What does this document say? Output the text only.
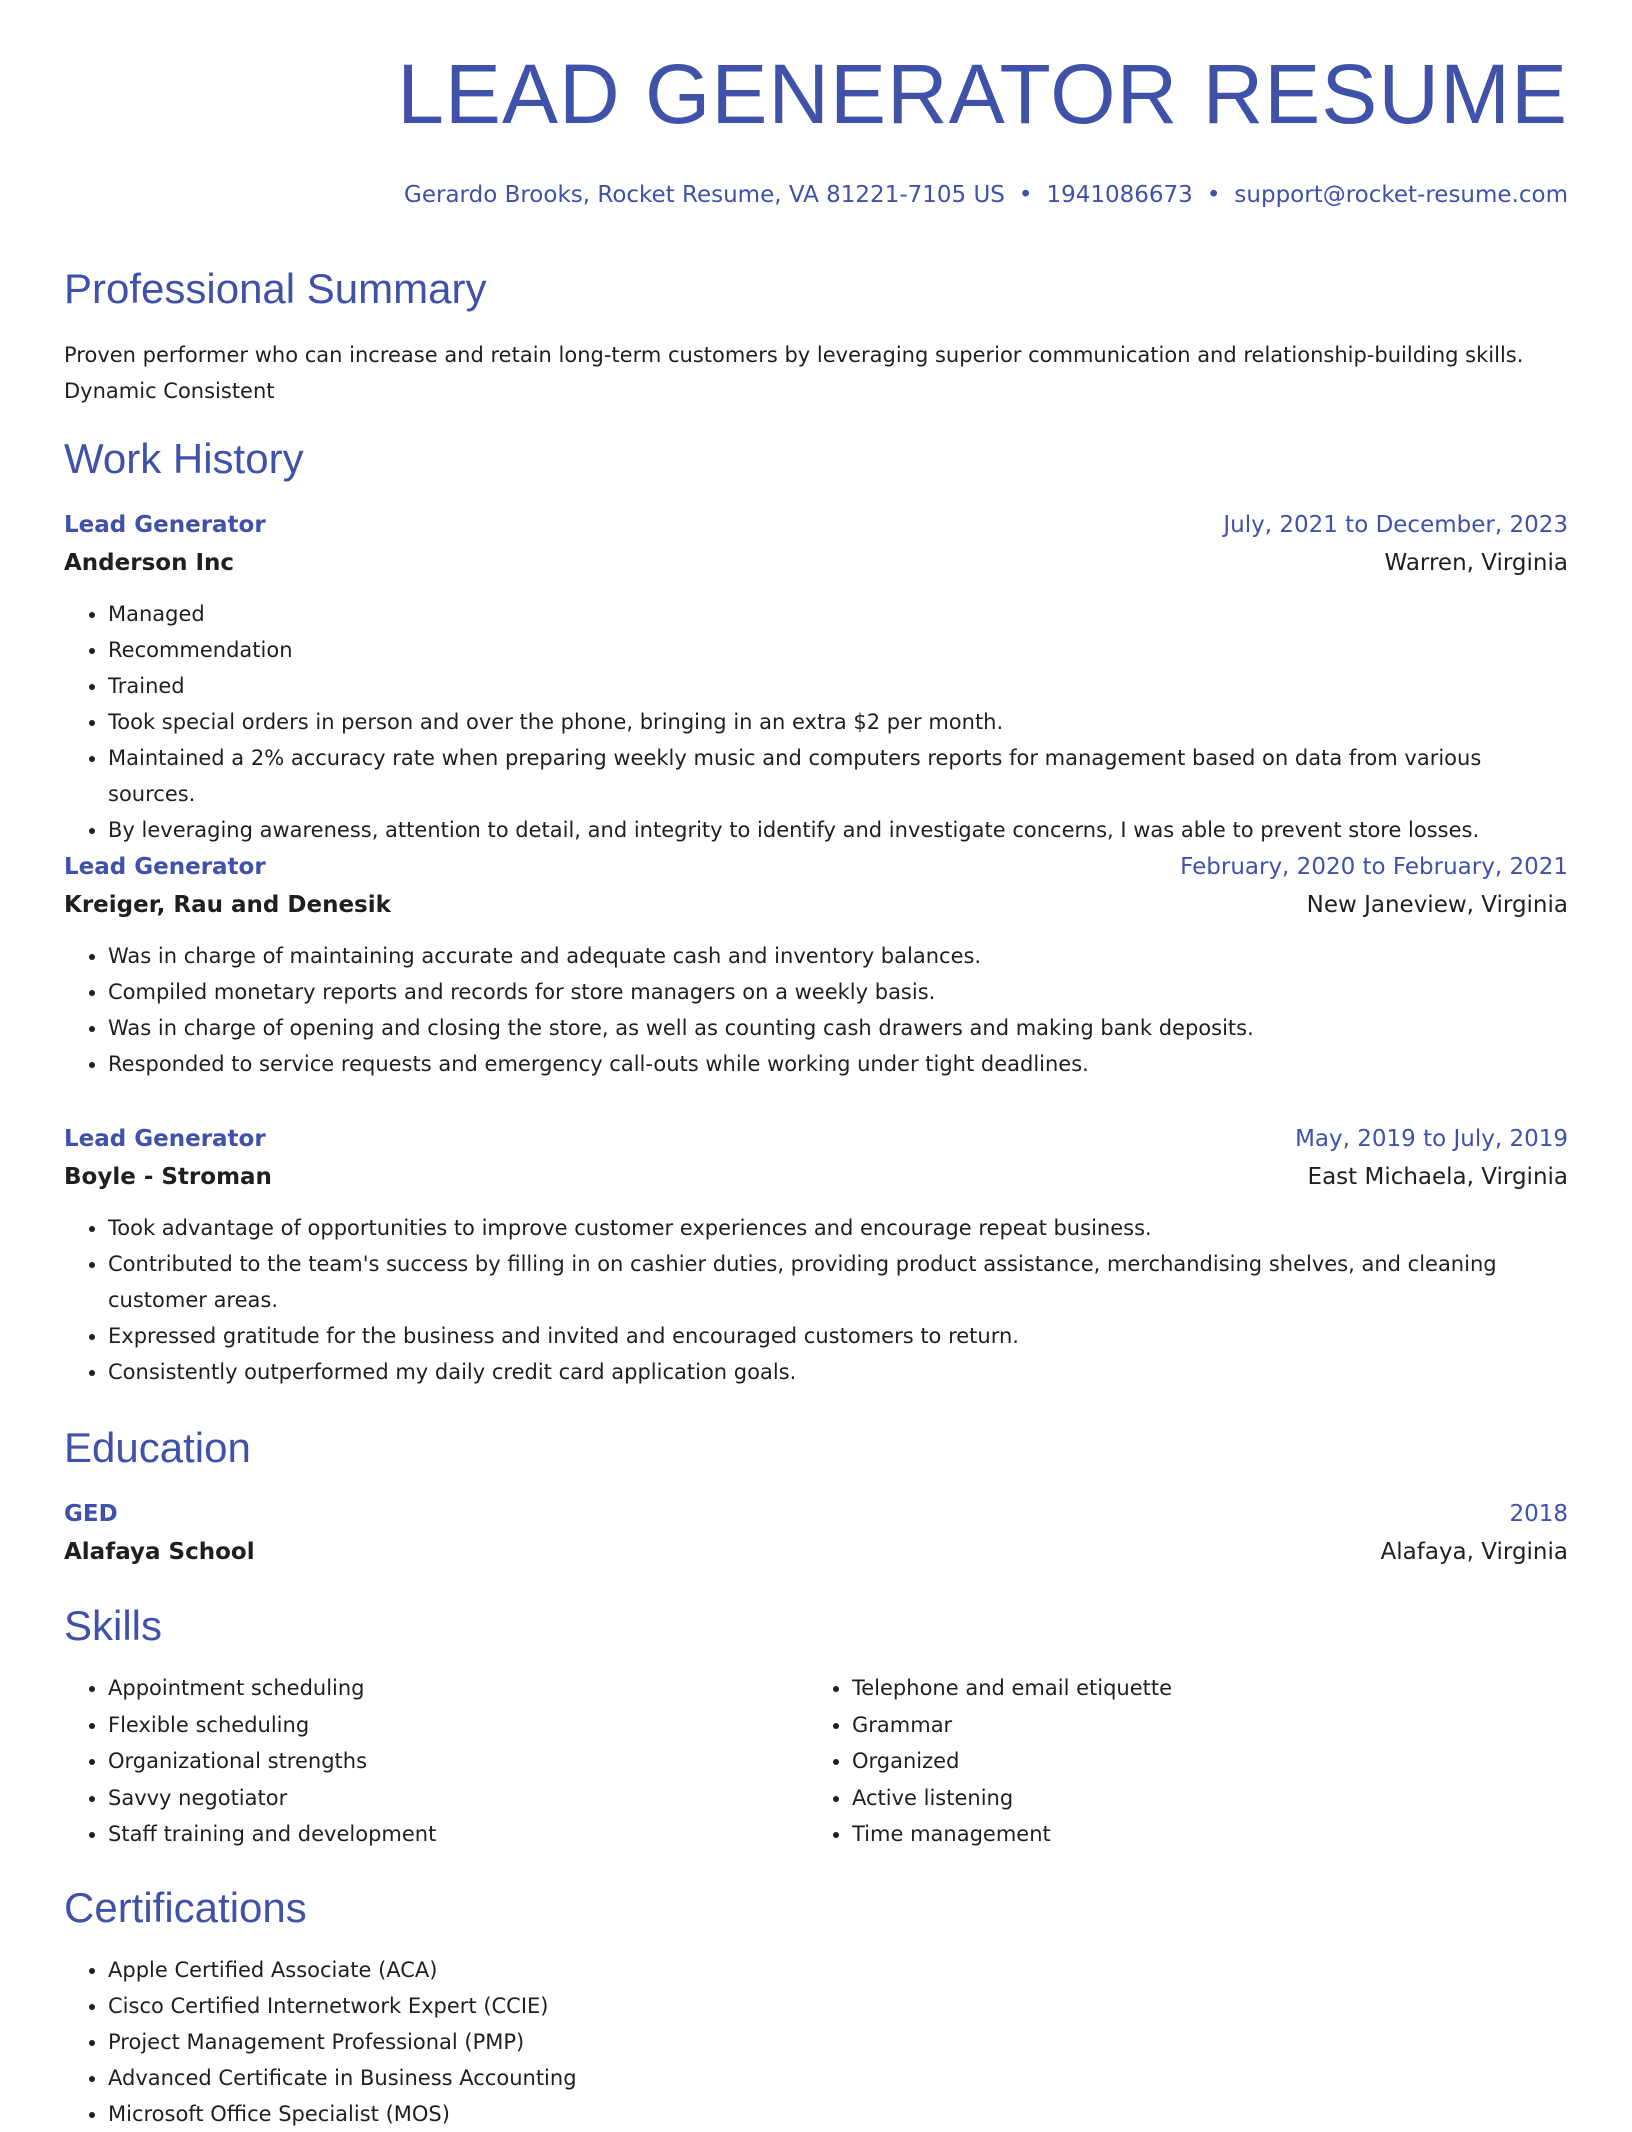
LEAD GENERATOR RESUME
Gerardo Brooks, Rocket Resume, VA 81221-7105 US • 1941086673 • support@rocket-resume.com
Professional Summary
Proven performer who can increase and retain long-term customers by leveraging superior communication and relationship-building skills. Dynamic Consistent
Work History
Lead Generator	July, 2021 to December, 2023
Anderson Inc	Warren, Virginia
• Managed
• Recommendation
• Trained
• Took special orders in person and over the phone, bringing in an extra $2 per month.
• Maintained a 2% accuracy rate when preparing weekly music and computers reports for management based on data from various sources.
• By leveraging awareness, attention to detail, and integrity to identify and investigate concerns, I was able to prevent store losses.
Lead Generator	February, 2020 to February, 2021
Kreiger, Rau and Denesik	New Janeview, Virginia
• Was in charge of maintaining accurate and adequate cash and inventory balances.
• Compiled monetary reports and records for store managers on a weekly basis.
• Was in charge of opening and closing the store, as well as counting cash drawers and making bank deposits.
• Responded to service requests and emergency call-outs while working under tight deadlines.
Lead Generator	May, 2019 to July, 2019
Boyle - Stroman	East Michaela, Virginia
• Took advantage of opportunities to improve customer experiences and encourage repeat business.
• Contributed to the team's success by filling in on cashier duties, providing product assistance, merchandising shelves, and cleaning customer areas.
• Expressed gratitude for the business and invited and encouraged customers to return.
• Consistently outperformed my daily credit card application goals.
Education
GED	2018
Alafaya School	Alafaya, Virginia
Skills
• Appointment scheduling
• Flexible scheduling
• Organizational strengths
• Savvy negotiator
• Staff training and development
• Telephone and email etiquette
• Grammar
• Organized
• Active listening
• Time management
Certifications
• Apple Certified Associate (ACA)
• Cisco Certified Internetwork Expert (CCIE)
• Project Management Professional (PMP)
• Advanced Certificate in Business Accounting
• Microsoft Office Specialist (MOS)
